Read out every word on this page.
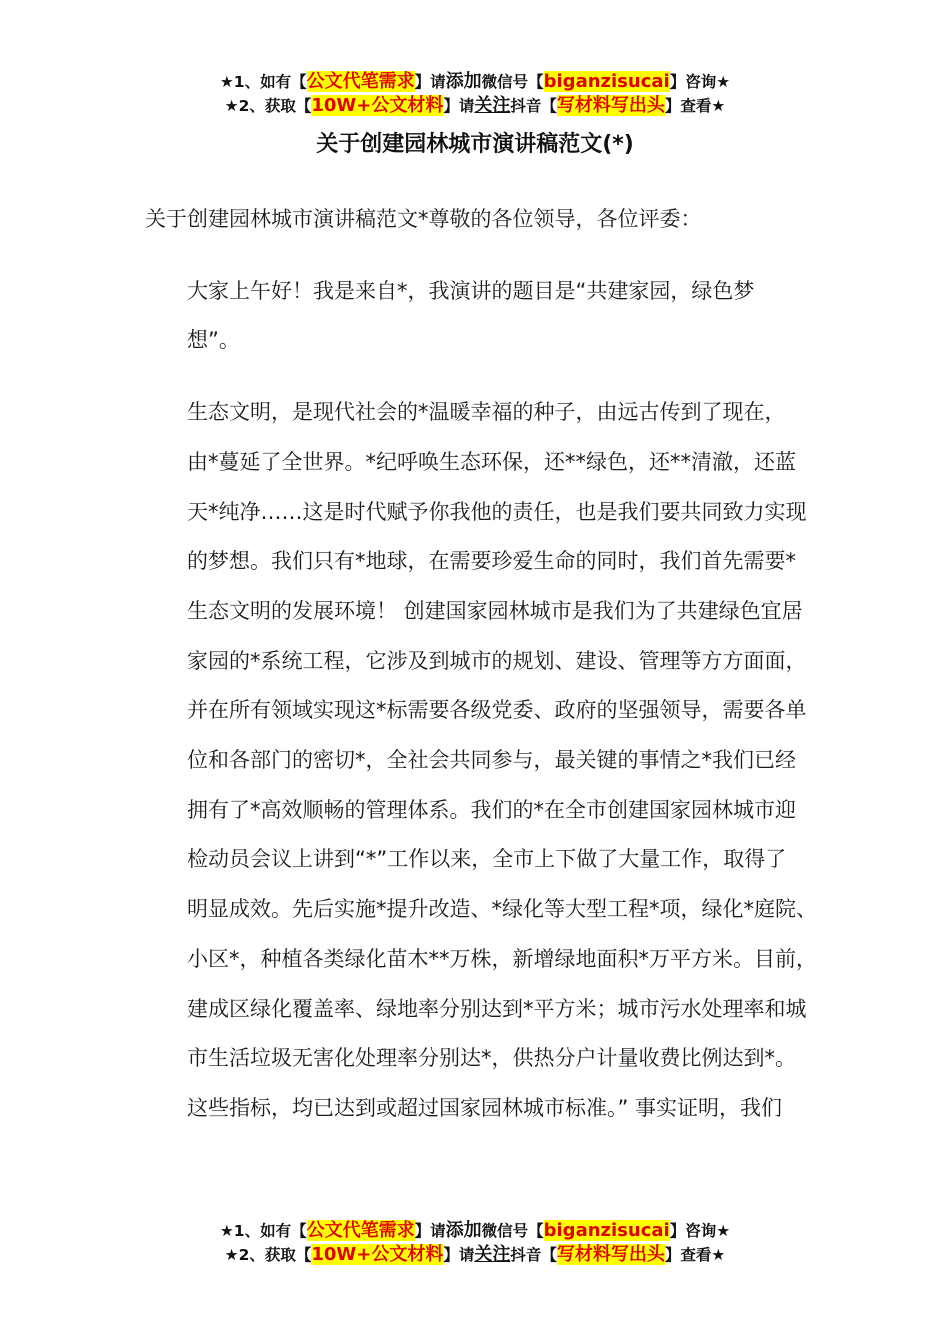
★1、如有【公文代笔需求】请添加微信号【biganzisucai】咨询★
★2、获取【10W+公文材料】请关注抖音【写材料写出头】查看★
关于创建园林城市演讲稿范文(*)

关于创建园林城市演讲稿范文*尊敬的各位领导，各位评委：

大家上午好！我是来自*，我演讲的题目是“共建家园，绿色梦
想”。

生态文明，是现代社会的*温暖幸福的种子，由远古传到了现在，
由*蔓延了全世界。*纪呼唤生态环保，还**绿色，还**清澈，还蓝
天*纯净……这是时代赋予你我他的责任，也是我们要共同致力实现
的梦想。我们只有*地球，在需要珍爱生命的同时，我们首先需要*
生态文明的发展环境！ 创建国家园林城市是我们为了共建绿色宜居
家园的*系统工程，它涉及到城市的规划、建设、管理等方方面面，
并在所有领域实现这*标需要各级党委、政府的坚强领导，需要各单
位和各部门的密切*，全社会共同参与，最关键的事情之*我们已经
拥有了*高效顺畅的管理体系。我们的*在全市创建国家园林城市迎
检动员会议上讲到“*”工作以来，全市上下做了大量工作，取得了
明显成效。先后实施*提升改造、*绿化等大型工程*项，绿化*庭院、
小区*，种植各类绿化苗木**万株，新增绿地面积*万平方米。目前，
建成区绿化覆盖率、绿地率分别达到*平方米；城市污水处理率和城
市生活垃圾无害化处理率分别达*，供热分户计量收费比例达到*。
这些指标，均已达到或超过国家园林城市标准。” 事实证明，我们

★1、如有【公文代笔需求】请添加微信号【biganzisucai】咨询★
★2、获取【10W+公文材料】请关注抖音【写材料写出头】查看★
